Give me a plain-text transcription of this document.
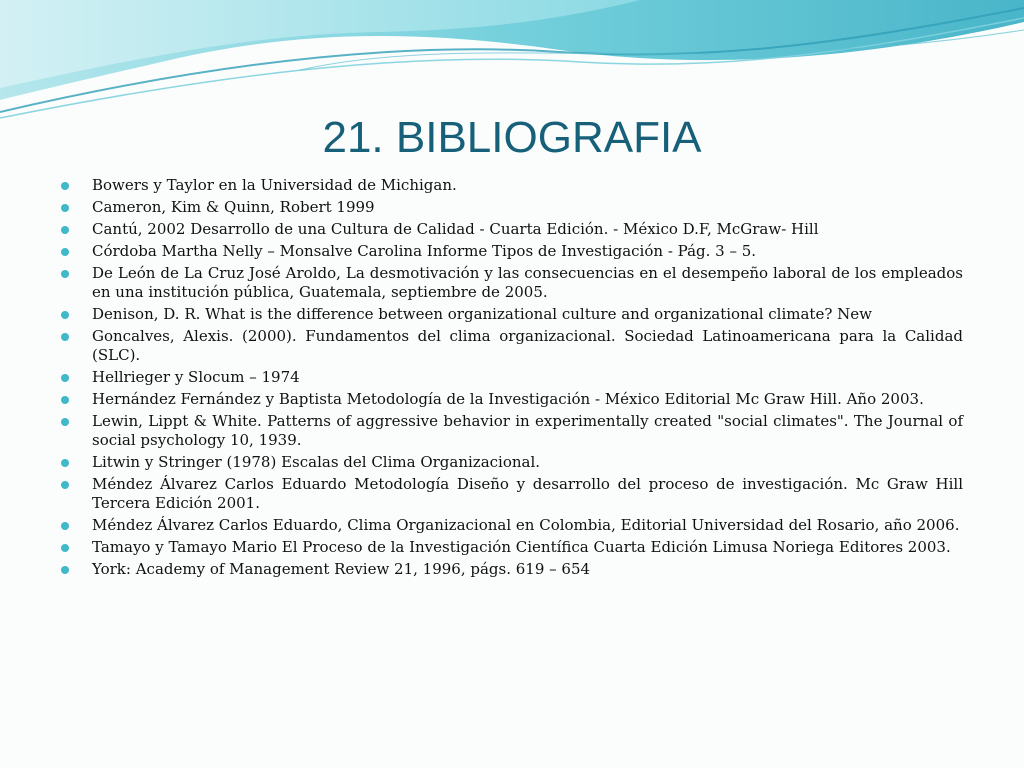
21. BIBLIOGRAFIA
Bowers y Taylor en la Universidad de Michigan.
Cameron, Kim & Quinn, Robert 1999
Cantú, 2002 Desarrollo de una Cultura de Calidad - Cuarta Edición. - México D.F, McGraw- Hill
Córdoba Martha Nelly – Monsalve Carolina Informe Tipos de Investigación - Pág. 3 – 5.
De León de La Cruz José Aroldo, La desmotivación y las consecuencias en el desempeño laboral de los empleados en una institución pública, Guatemala, septiembre de 2005.
Denison, D. R. What is the difference between organizational culture and organizational climate? New
Goncalves, Alexis. (2000). Fundamentos del clima organizacional. Sociedad Latinoamericana para la Calidad (SLC).
Hellrieger y Slocum – 1974
Hernández Fernández y Baptista Metodología de la Investigación - México Editorial Mc Graw Hill. Año 2003.
Lewin, Lippt & White. Patterns of aggressive behavior in experimentally created "social climates". The Journal of social psychology 10, 1939.
Litwin y Stringer (1978) Escalas del Clima Organizacional.
Méndez Álvarez Carlos Eduardo Metodología Diseño y desarrollo del proceso de investigación. Mc Graw Hill Tercera Edición 2001.
Méndez Álvarez Carlos Eduardo, Clima Organizacional en Colombia, Editorial Universidad del Rosario, año 2006.
Tamayo y Tamayo Mario El Proceso de la Investigación Científica Cuarta Edición Limusa Noriega Editores 2003.
York: Academy of Management Review 21, 1996, págs. 619 – 654
